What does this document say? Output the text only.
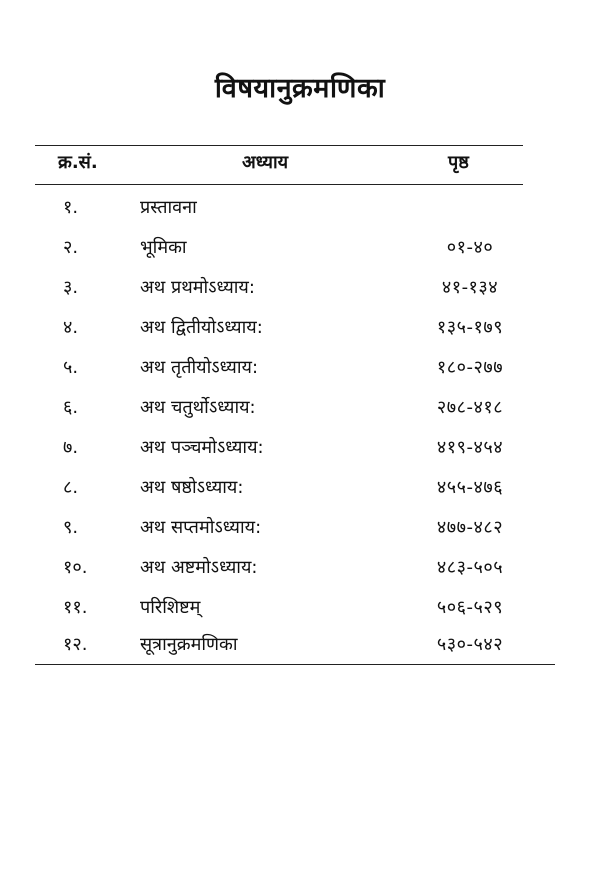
विषयानुक्रमणिका
क्र.सं.	अध्याय	पृष्ठ
१.	प्रस्तावना
२.	भूमिका	०१-४०
३.	अथ प्रथमोऽध्याय:	४१-१३४
४.	अथ द्वितीयोऽध्याय:	१३५-१७९
५.	अथ तृतीयोऽध्याय:	१८०-२७७
६.	अथ चतुर्थोऽध्याय:	२७८-४१८
७.	अथ पञ्चमोऽध्याय:	४१९-४५४
८.	अथ षष्ठोऽध्याय:	४५५-४७६
९.	अथ सप्तमोऽध्याय:	४७७-४८२
१०.	अथ अष्टमोऽध्याय:	४८३-५०५
११.	परिशिष्टम्	५०६-५२९
१२.	सूत्रानुक्रमणिका	५३०-५४२
